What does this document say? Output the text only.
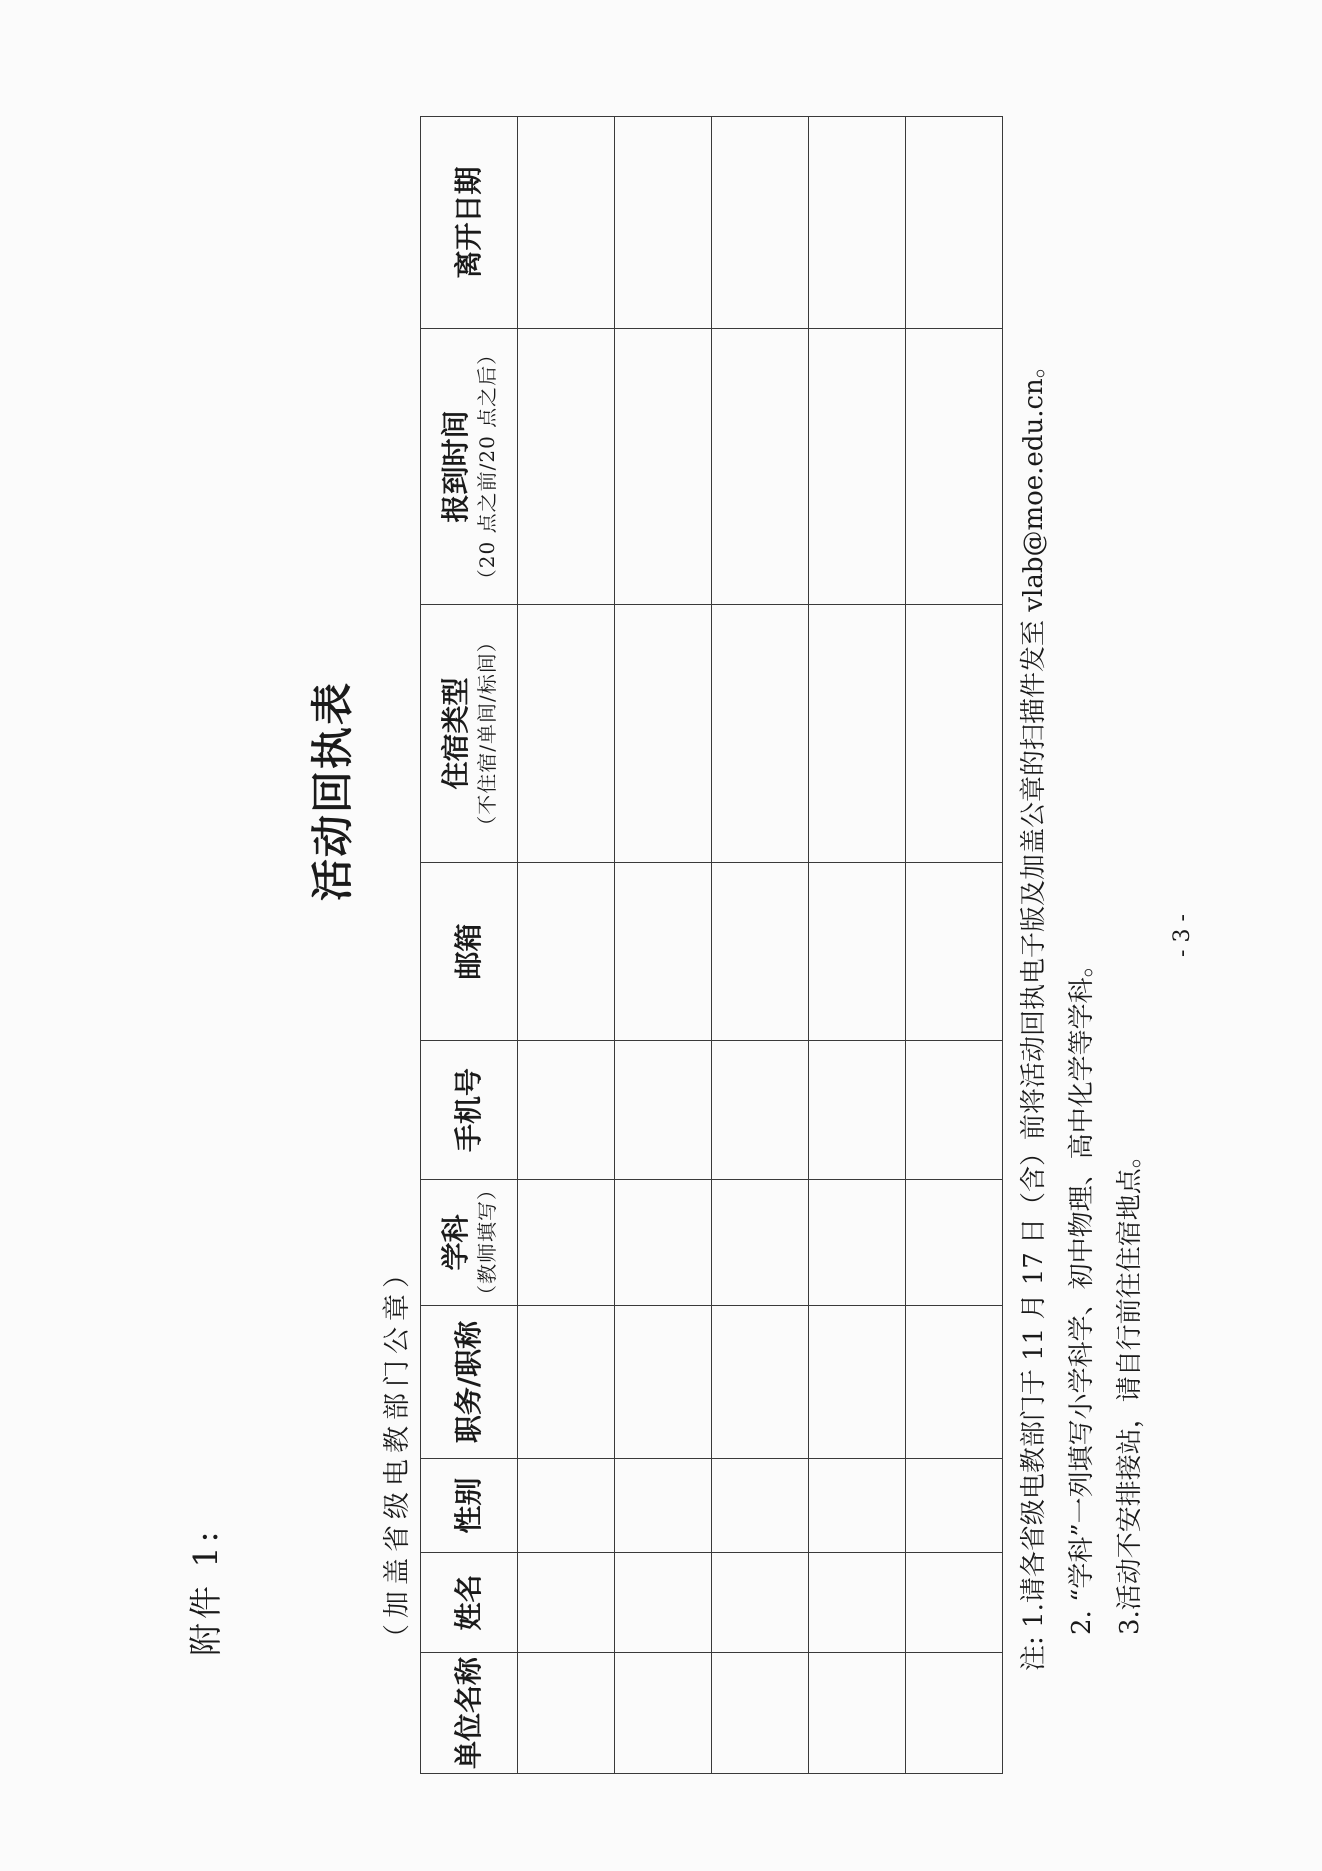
附件 1:
活动回执表
（加盖省级电教部门公章）
单位名称	姓名	性别	职务/职称	学科 （教师填写）	手机号	邮箱	住宿类型 （不住宿/单间/标间）	报到时间 （20 点之前/20 点之后）	离开日期

注: 1.请各省级电教部门于 11 月 17 日（含）前将活动回执电子版及加盖公章的扫描件发至 vlab@moe.edu.cn。 2. “学科”一列填写小学科学、初中物理、高中化学等学科。 3.活动不安排接站，请自行前往住宿地点。
- 3 -
